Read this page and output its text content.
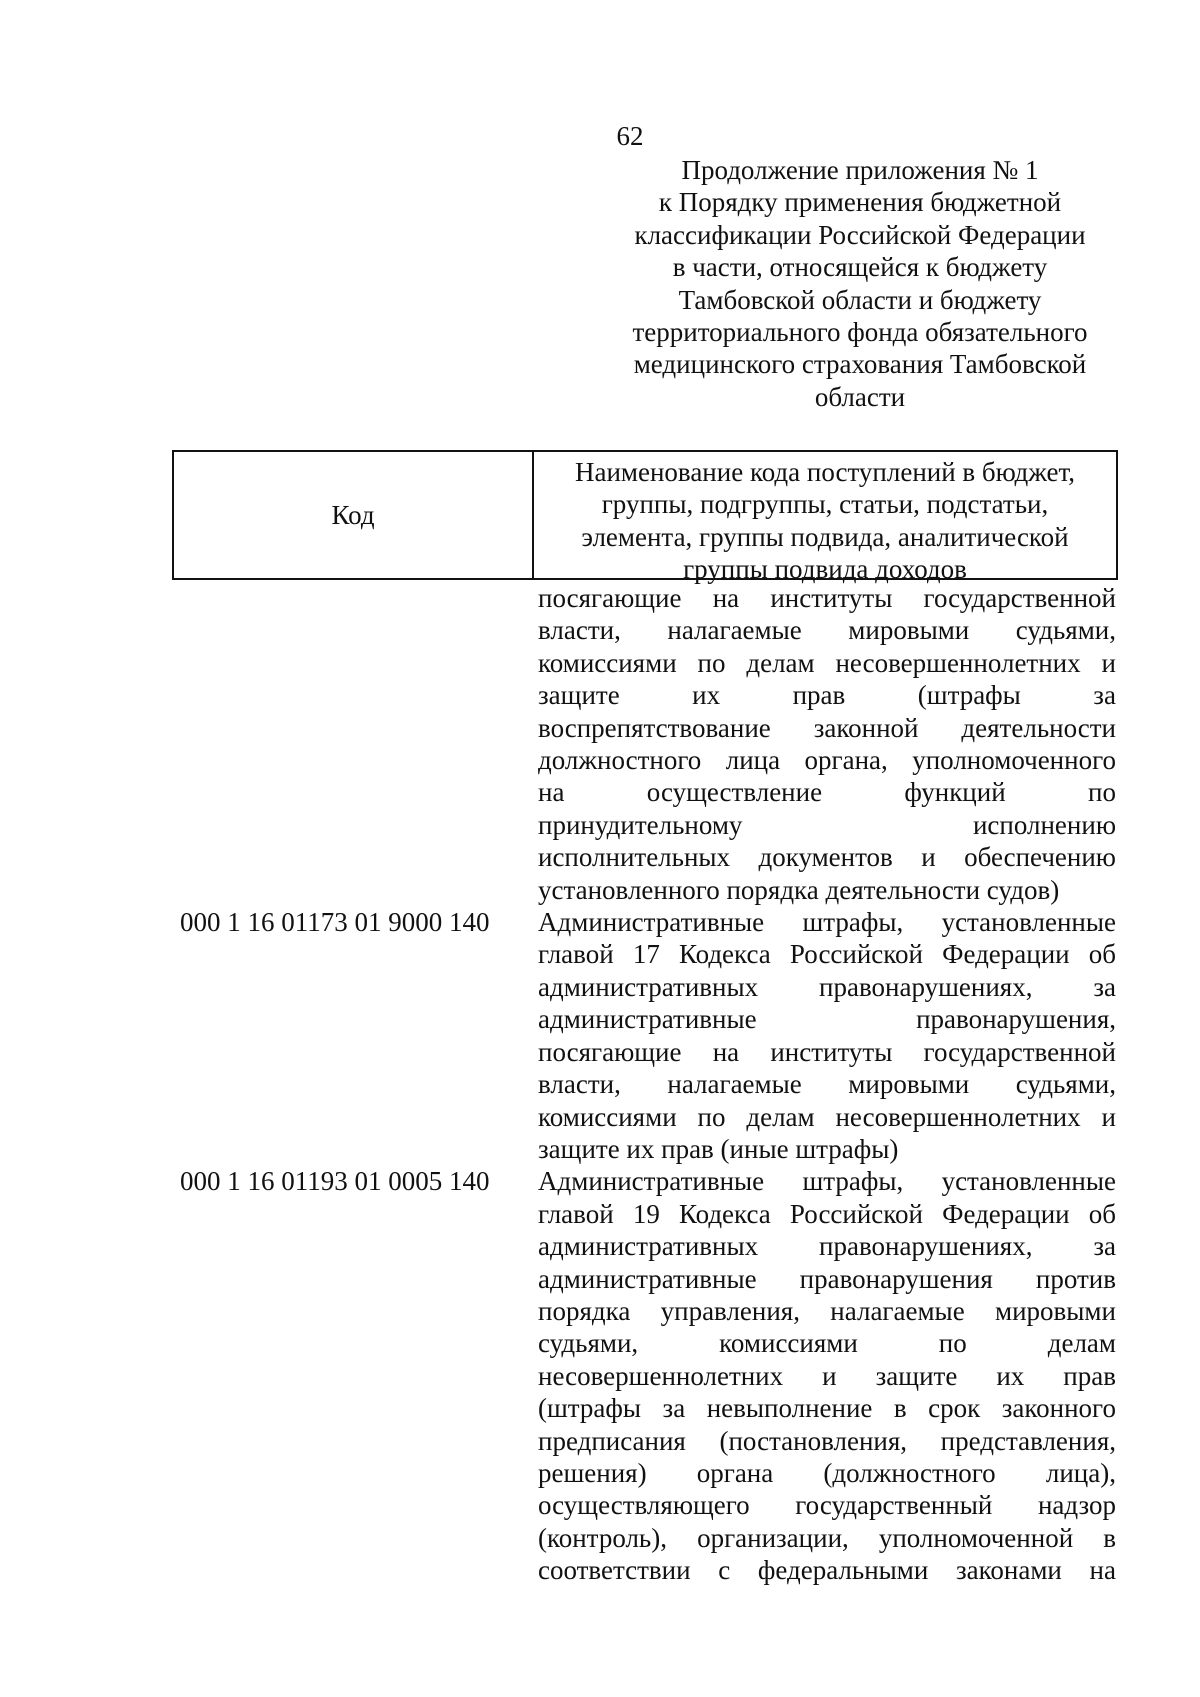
62
Продолжение приложения № 1
к Порядку применения бюджетной
классификации Российской Федерации
в части, относящейся к бюджету
Тамбовской области и бюджету
территориального фонда обязательного
медицинского страхования Тамбовской
области
Код
Наименование кода поступлений в бюджет,
группы, подгруппы, статьи, подстатьи,
элемента, группы подвида, аналитической
группы подвида доходов
посягающие на институты государственной
власти, налагаемые мировыми судьями,
комиссиями по делам несовершеннолетних и
защите	их	прав	(штрафы	за
воспрепятствование законной деятельности
должностного лица органа, уполномоченного
на	осуществление	функций	по
принудительному	исполнению
исполнительных документов и обеспечению
установленного порядка деятельности судов)
000 1 16 01173 01 9000 140	Административные штрафы, установленные
главой 17 Кодекса Российской Федерации об
административных правонарушениях, за
административные	правонарушения,
посягающие на институты государственной
власти, налагаемые мировыми судьями,
комиссиями по делам несовершеннолетних и
защите их прав (иные штрафы)
000 1 16 01193 01 0005 140	Административные штрафы, установленные
главой 19 Кодекса Российской Федерации об
административных правонарушениях, за
административные правонарушения против
порядка управления, налагаемые мировыми
судьями,	комиссиями	по	делам
несовершеннолетних и защите их прав
(штрафы за невыполнение в срок законного
предписания (постановления, представления,
решения) органа (должностного лица),
осуществляющего государственный надзор
(контроль), организации, уполномоченной в
соответствии с федеральными законами на
